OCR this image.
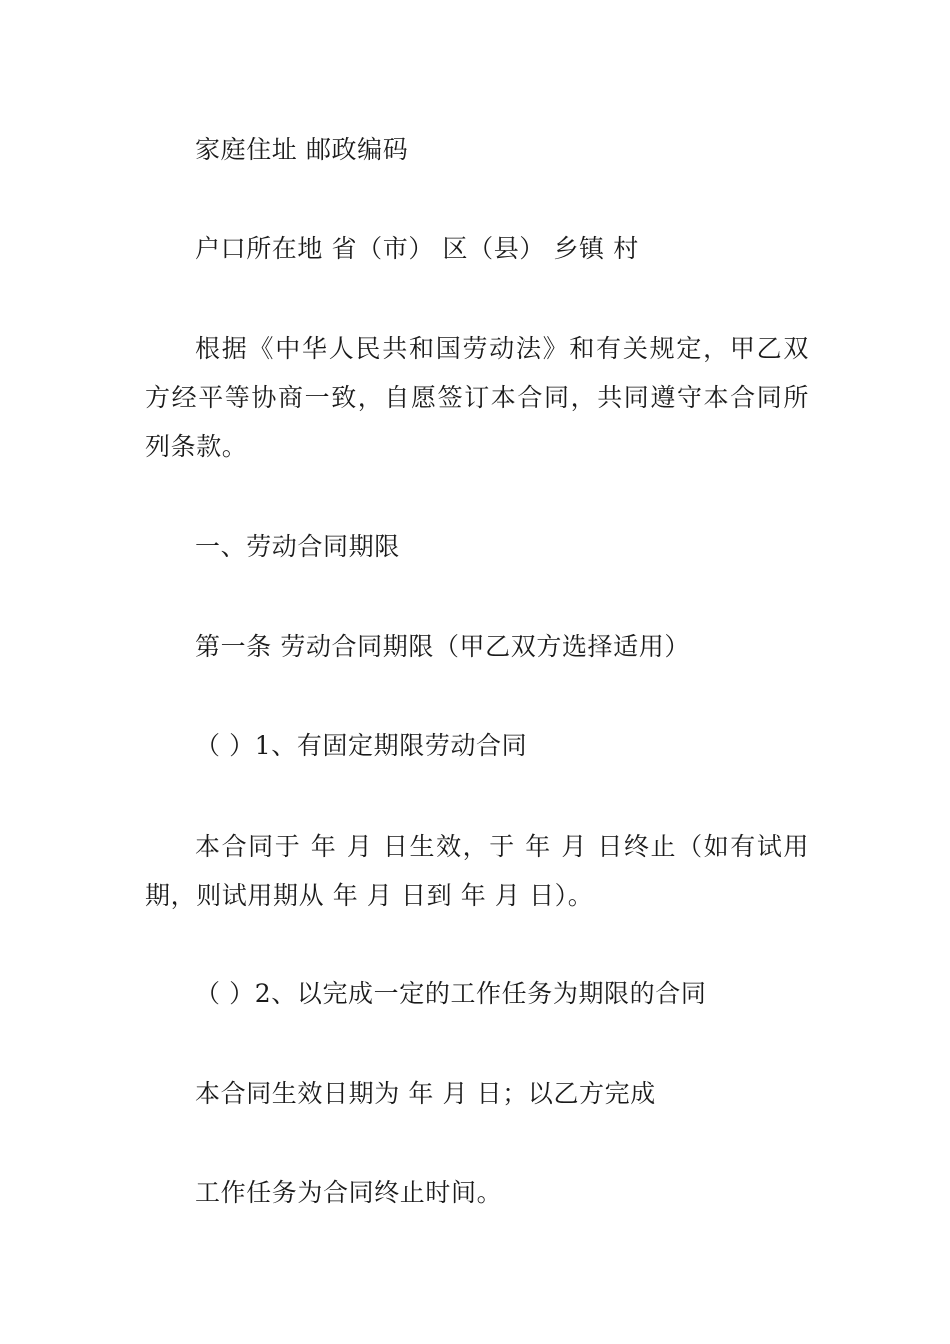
家庭住址 邮政编码

户口所在地 省（市） 区（县） 乡镇 村

根据《中华人民共和国劳动法》和有关规定，甲乙双方经平等协商一致，自愿签订本合同，共同遵守本合同所列条款。

一、劳动合同期限

第一条 劳动合同期限（甲乙双方选择适用）

（ ）1、有固定期限劳动合同

本合同于 年 月 日生效，于 年 月 日终止（如有试用期，则试用期从 年 月 日到 年 月 日）。

（ ）2、以完成一定的工作任务为期限的合同

本合同生效日期为 年 月 日；以乙方完成

工作任务为合同终止时间。
